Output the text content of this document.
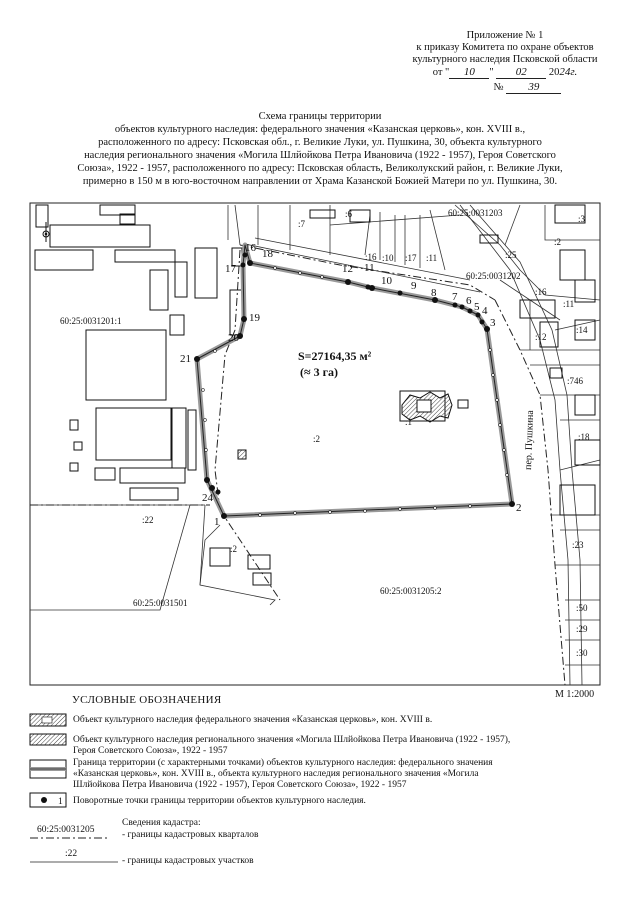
Приложение № 1
к приказу Комитета по охране объектов
культурного наследия Псковской области
от " 10 " 02 2024г.
№ 39
Схема границы территории
объектов культурного наследия: федерального значения «Казанская церковь», кон. XVIII в.,
расположенного по адресу: Псковская обл., г. Великие Луки, ул. Пушкина, 30, объекта культурного
наследия регионального значения «Могила Шлйойкова Петра Ивановича (1922 - 1957), Героя Советского
Союза», 1922 - 1957, расположенного по адресу: Псковская область, Великолукский район, г. Великие Луки,
примерно в 150 м в юго-восточном направлении от Храма Казанской Божией Матери по ул. Пушкина, 30.
1
2
3
4
5
6
7
8
9
10
11
12
16
17
18
19
20
21
24
:6
:7	:3
:25
:2
:16 :10 :17 :11
:16
:11
:12
:14
:746
:18
:2
:22
:2	:23
:50
:29
:30
:1
60:25:0031201:1
60:25:0031203
60:25:0031202
60:25:0031501
60:25:0031205:2
пер. Пушкина
S=27164,35 м²
(≈ 3 га)
М 1:2000
УСЛОВНЫЕ ОБОЗНАЧЕНИЯ
Объект культурного наследия федерального значения «Казанская церковь», кон. XVIII в.
Объект культурного наследия регионального значения «Могила Шлйойкова Петра Ивановича (1922 - 1957),
Героя Советского Союза», 1922 - 1957
Граница территории (с характерными точками) объектов культурного наследия: федерального значения
«Казанская церковь», кон. XVIII в., объекта культурного наследия регионального значения «Могила
Шлйойкова Петра Ивановича (1922 - 1957), Героя Советского Союза», 1922 - 1957
1 Поворотные точки границы территории объектов культурного наследия.
60:25:0031205
Сведения кадастра:
- границы кадастровых кварталов
:22
- границы кадастровых участков
